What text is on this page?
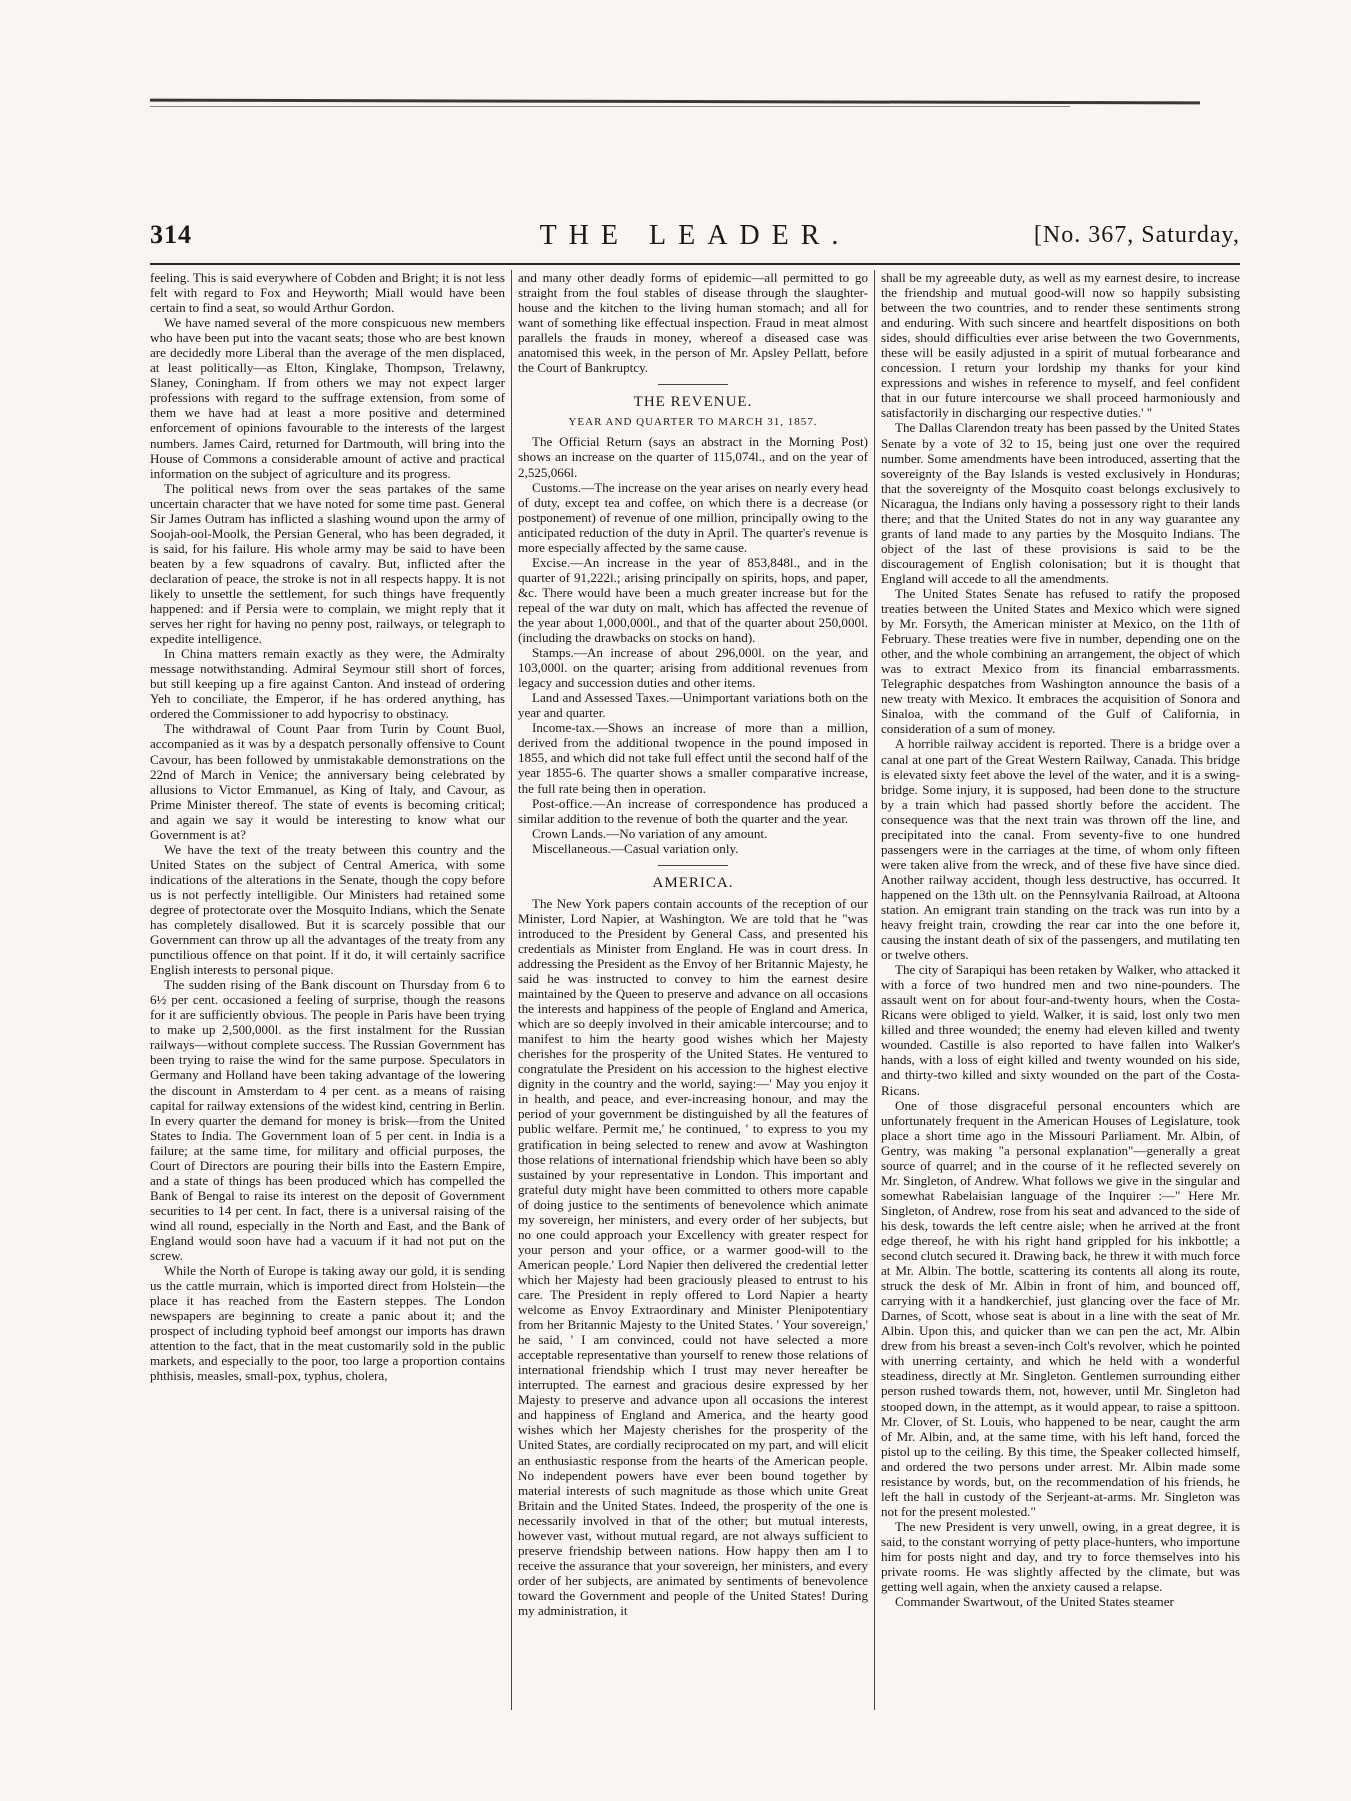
314	THE LEADER.	[No. 367, Saturday,

feeling. This is said everywhere of Cobden and Bright; it is not less felt with regard to Fox and Heyworth; Miall would have been certain to find a seat, so would Arthur Gordon.

We have named several of the more conspicuous new members who have been put into the vacant seats; those who are best known are decidedly more Liberal than the average of the men displaced, at least politically—as Elton, Kinglake, Thompson, Trelawny, Slaney, Coningham. If from others we may not expect larger professions with regard to the suffrage extension, from some of them we have had at least a more positive and determined enforcement of opinions favourable to the interests of the largest numbers. James Caird, returned for Dartmouth, will bring into the House of Commons a considerable amount of active and practical information on the subject of agriculture and its progress.

The political news from over the seas partakes of the same uncertain character that we have noted for some time past. General Sir James Outram has inflicted a slashing wound upon the army of Soojah-ool-Moolk, the Persian General, who has been degraded, it is said, for his failure. His whole army may be said to have been beaten by a few squadrons of cavalry. But, inflicted after the declaration of peace, the stroke is not in all respects happy. It is not likely to unsettle the settlement, for such things have frequently happened: and if Persia were to complain, we might reply that it serves her right for having no penny post, railways, or telegraph to expedite intelligence.

In China matters remain exactly as they were, the Admiralty message notwithstanding. Admiral Seymour still short of forces, but still keeping up a fire against Canton. And instead of ordering Yeh to conciliate, the Emperor, if he has ordered anything, has ordered the Commissioner to add hypocrisy to obstinacy.

The withdrawal of Count Paar from Turin by Count Buol, accompanied as it was by a despatch personally offensive to Count Cavour, has been followed by unmistakable demonstrations on the 22nd of March in Venice; the anniversary being celebrated by allusions to Victor Emmanuel, as King of Italy, and Cavour, as Prime Minister thereof. The state of events is becoming critical; and again we say it would be interesting to know what our Government is at?

We have the text of the treaty between this country and the United States on the subject of Central America, with some indications of the alterations in the Senate, though the copy before us is not perfectly intelligible. Our Ministers had retained some degree of protectorate over the Mosquito Indians, which the Senate has completely disallowed. But it is scarcely possible that our Government can throw up all the advantages of the treaty from any punctilious offence on that point. If it do, it will certainly sacrifice English interests to personal pique.

The sudden rising of the Bank discount on Thursday from 6 to 6½ per cent. occasioned a feeling of surprise, though the reasons for it are sufficiently obvious. The people in Paris have been trying to make up 2,500,000l. as the first instalment for the Russian railways—without complete success. The Russian Government has been trying to raise the wind for the same purpose. Speculators in Germany and Holland have been taking advantage of the lowering the discount in Amsterdam to 4 per cent. as a means of raising capital for railway extensions of the widest kind, centring in Berlin. In every quarter the demand for money is brisk—from the United States to India. The Government loan of 5 per cent. in India is a failure; at the same time, for military and official purposes, the Court of Directors are pouring their bills into the Eastern Empire, and a state of things has been produced which has compelled the Bank of Bengal to raise its interest on the deposit of Government securities to 14 per cent. In fact, there is a universal raising of the wind all round, especially in the North and East, and the Bank of England would soon have had a vacuum if it had not put on the screw.

While the North of Europe is taking away our gold, it is sending us the cattle murrain, which is imported direct from Holstein—the place it has reached from the Eastern steppes. The London newspapers are beginning to create a panic about it; and the prospect of including typhoid beef amongst our imports has drawn attention to the fact, that in the meat customarily sold in the public markets, and especially to the poor, too large a proportion contains phthisis, measles, small-pox, typhus, cholera,

and many other deadly forms of epidemic—all permitted to go straight from the foul stables of disease through the slaughter-house and the kitchen to the living human stomach; and all for want of something like effectual inspection. Fraud in meat almost parallels the frauds in money, whereof a diseased case was anatomised this week, in the person of Mr. Apsley Pellatt, before the Court of Bankruptcy.

THE REVENUE.
YEAR AND QUARTER TO MARCH 31, 1857.

The Official Return (says an abstract in the Morning Post) shows an increase on the quarter of 115,074l., and on the year of 2,525,066l.

Customs.—The increase on the year arises on nearly every head of duty, except tea and coffee, on which there is a decrease (or postponement) of revenue of one million, principally owing to the anticipated reduction of the duty in April. The quarter's revenue is more especially affected by the same cause.

Excise.—An increase in the year of 853,848l., and in the quarter of 91,222l.; arising principally on spirits, hops, and paper, &c. There would have been a much greater increase but for the repeal of the war duty on malt, which has affected the revenue of the year about 1,000,000l., and that of the quarter about 250,000l. (including the drawbacks on stocks on hand).

Stamps.—An increase of about 296,000l. on the year, and 103,000l. on the quarter; arising from additional revenues from legacy and succession duties and other items.

Land and Assessed Taxes.—Unimportant variations both on the year and quarter.

Income-tax.—Shows an increase of more than a million, derived from the additional twopence in the pound imposed in 1855, and which did not take full effect until the second half of the year 1855-6. The quarter shows a smaller comparative increase, the full rate being then in operation.

Post-office.—An increase of correspondence has produced a similar addition to the revenue of both the quarter and the year.

Crown Lands.—No variation of any amount.

Miscellaneous.—Casual variation only.

AMERICA.

The New York papers contain accounts of the reception of our Minister, Lord Napier, at Washington. We are told that he "was introduced to the President by General Cass, and presented his credentials as Minister from England. He was in court dress. In addressing the President as the Envoy of her Britannic Majesty, he said he was instructed to convey to him the earnest desire maintained by the Queen to preserve and advance on all occasions the interests and happiness of the people of England and America, which are so deeply involved in their amicable intercourse; and to manifest to him the hearty good wishes which her Majesty cherishes for the prosperity of the United States. He ventured to congratulate the President on his accession to the highest elective dignity in the country and the world, saying:—' May you enjoy it in health, and peace, and ever-increasing honour, and may the period of your government be distinguished by all the features of public welfare. Permit me,' he continued, ' to express to you my gratification in being selected to renew and avow at Washington those relations of international friendship which have been so ably sustained by your representative in London. This important and grateful duty might have been committed to others more capable of doing justice to the sentiments of benevolence which animate my sovereign, her ministers, and every order of her subjects, but no one could approach your Excellency with greater respect for your person and your office, or a warmer good-will to the American people.' Lord Napier then delivered the credential letter which her Majesty had been graciously pleased to entrust to his care. The President in reply offered to Lord Napier a hearty welcome as Envoy Extraordinary and Minister Plenipotentiary from her Britannic Majesty to the United States. ' Your sovereign,' he said, ' I am convinced, could not have selected a more acceptable representative than yourself to renew those relations of international friendship which I trust may never hereafter be interrupted. The earnest and gracious desire expressed by her Majesty to preserve and advance upon all occasions the interest and happiness of England and America, and the hearty good wishes which her Majesty cherishes for the prosperity of the United States, are cordially reciprocated on my part, and will elicit an enthusiastic response from the hearts of the American people. No independent powers have ever been bound together by material interests of such magnitude as those which unite Great Britain and the United States. Indeed, the prosperity of the one is necessarily involved in that of the other; but mutual interests, however vast, without mutual regard, are not always sufficient to preserve friendship between nations. How happy then am I to receive the assurance that your sovereign, her ministers, and every order of her subjects, are animated by sentiments of benevolence toward the Government and people of the United States! During my administration, it

shall be my agreeable duty, as well as my earnest desire, to increase the friendship and mutual good-will now so happily subsisting between the two countries, and to render these sentiments strong and enduring. With such sincere and heartfelt dispositions on both sides, should difficulties ever arise between the two Governments, these will be easily adjusted in a spirit of mutual forbearance and concession. I return your lordship my thanks for your kind expressions and wishes in reference to myself, and feel confident that in our future intercourse we shall proceed harmoniously and satisfactorily in discharging our respective duties.' "

The Dallas Clarendon treaty has been passed by the United States Senate by a vote of 32 to 15, being just one over the required number. Some amendments have been introduced, asserting that the sovereignty of the Bay Islands is vested exclusively in Honduras; that the sovereignty of the Mosquito coast belongs exclusively to Nicaragua, the Indians only having a possessory right to their lands there; and that the United States do not in any way guarantee any grants of land made to any parties by the Mosquito Indians. The object of the last of these provisions is said to be the discouragement of English colonisation; but it is thought that England will accede to all the amendments.

The United States Senate has refused to ratify the proposed treaties between the United States and Mexico which were signed by Mr. Forsyth, the American minister at Mexico, on the 11th of February. These treaties were five in number, depending one on the other, and the whole combining an arrangement, the object of which was to extract Mexico from its financial embarrassments. Telegraphic despatches from Washington announce the basis of a new treaty with Mexico. It embraces the acquisition of Sonora and Sinaloa, with the command of the Gulf of California, in consideration of a sum of money.

A horrible railway accident is reported. There is a bridge over a canal at one part of the Great Western Railway, Canada. This bridge is elevated sixty feet above the level of the water, and it is a swing-bridge. Some injury, it is supposed, had been done to the structure by a train which had passed shortly before the accident. The consequence was that the next train was thrown off the line, and precipitated into the canal. From seventy-five to one hundred passengers were in the carriages at the time, of whom only fifteen were taken alive from the wreck, and of these five have since died. Another railway accident, though less destructive, has occurred. It happened on the 13th ult. on the Pennsylvania Railroad, at Altoona station. An emigrant train standing on the track was run into by a heavy freight train, crowding the rear car into the one before it, causing the instant death of six of the passengers, and mutilating ten or twelve others.

The city of Sarapiqui has been retaken by Walker, who attacked it with a force of two hundred men and two nine-pounders. The assault went on for about four-and-twenty hours, when the Costa-Ricans were obliged to yield. Walker, it is said, lost only two men killed and three wounded; the enemy had eleven killed and twenty wounded. Castille is also reported to have fallen into Walker's hands, with a loss of eight killed and twenty wounded on his side, and thirty-two killed and sixty wounded on the part of the Costa-Ricans.

One of those disgraceful personal encounters which are unfortunately frequent in the American Houses of Legislature, took place a short time ago in the Missouri Parliament. Mr. Albin, of Gentry, was making "a personal explanation"—generally a great source of quarrel; and in the course of it he reflected severely on Mr. Singleton, of Andrew. What follows we give in the singular and somewhat Rabelaisian language of the Inquirer :—" Here Mr. Singleton, of Andrew, rose from his seat and advanced to the side of his desk, towards the left centre aisle; when he arrived at the front edge thereof, he with his right hand grippled for his inkbottle; a second clutch secured it. Drawing back, he threw it with much force at Mr. Albin. The bottle, scattering its contents all along its route, struck the desk of Mr. Albin in front of him, and bounced off, carrying with it a handkerchief, just glancing over the face of Mr. Darnes, of Scott, whose seat is about in a line with the seat of Mr. Albin. Upon this, and quicker than we can pen the act, Mr. Albin drew from his breast a seven-inch Colt's revolver, which he pointed with unerring certainty, and which he held with a wonderful steadiness, directly at Mr. Singleton. Gentlemen surrounding either person rushed towards them, not, however, until Mr. Singleton had stooped down, in the attempt, as it would appear, to raise a spittoon. Mr. Clover, of St. Louis, who happened to be near, caught the arm of Mr. Albin, and, at the same time, with his left hand, forced the pistol up to the ceiling. By this time, the Speaker collected himself, and ordered the two persons under arrest. Mr. Albin made some resistance by words, but, on the recommendation of his friends, he left the hall in custody of the Serjeant-at-arms. Mr. Singleton was not for the present molested."

The new President is very unwell, owing, in a great degree, it is said, to the constant worrying of petty place-hunters, who importune him for posts night and day, and try to force themselves into his private rooms. He was slightly affected by the climate, but was getting well again, when the anxiety caused a relapse.

Commander Swartwout, of the United States steamer
